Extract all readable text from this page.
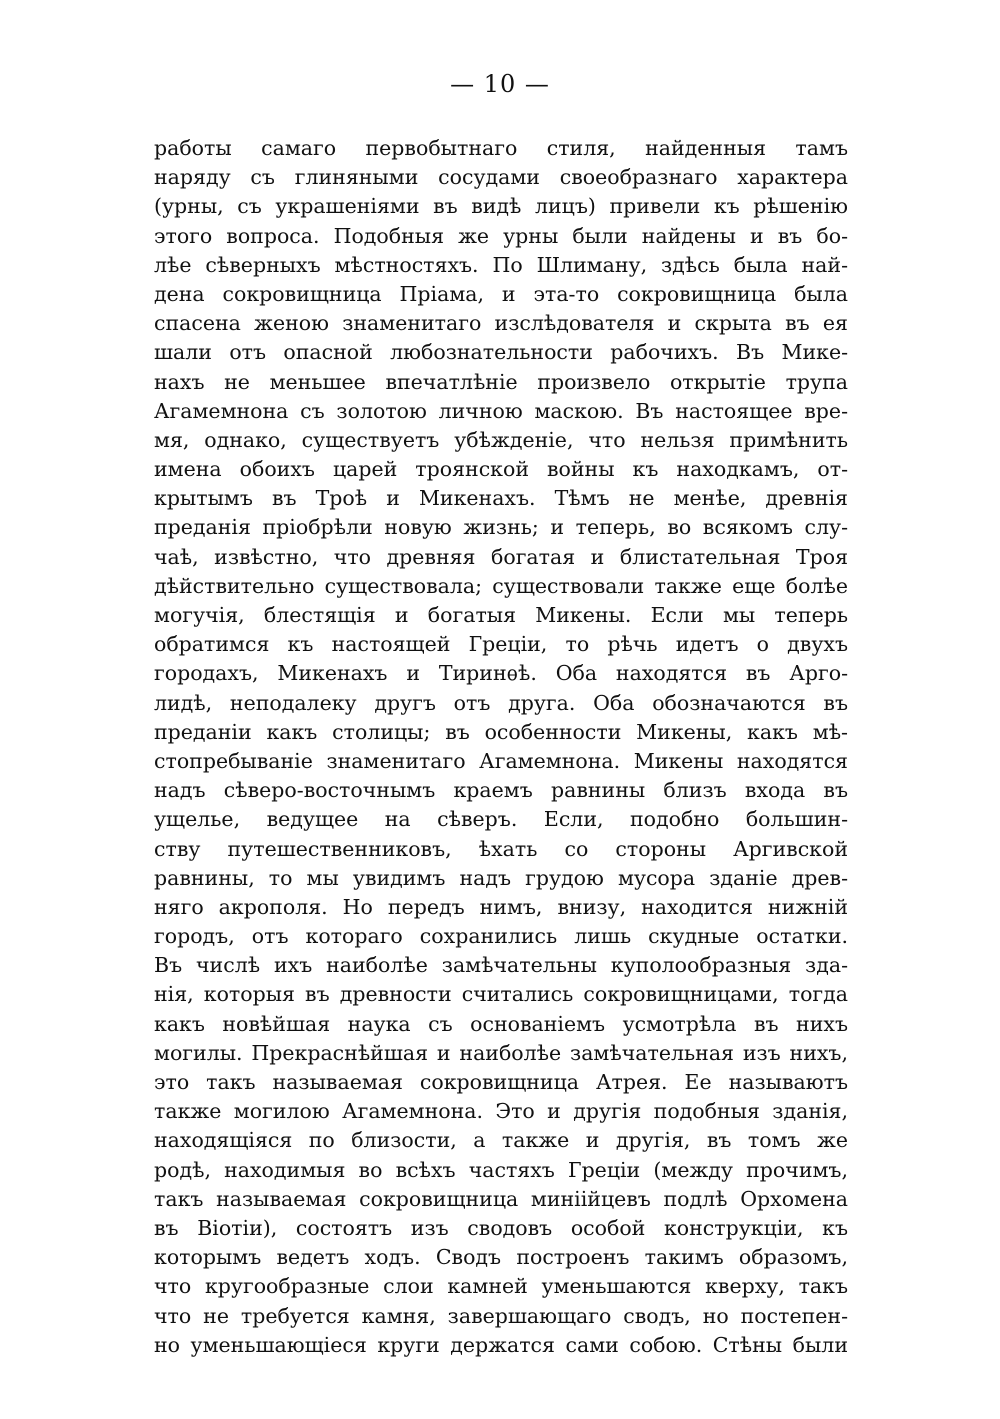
— 10 —
работы самаго первобытнаго стиля, найденныя тамъ
наряду съ глиняными сосудами своеобразнаго характера
(урны, съ украшеніями въ видѣ лицъ) привели къ рѣшенію
этого вопроса. Подобныя же урны были найдены и въ бо-
лѣе сѣверныхъ мѣстностяхъ. По Шлиману, здѣсь была най-
дена сокровищница Пріама, и эта-то сокровищница была
спасена женою знаменитаго изслѣдователя и скрыта въ ея
шали отъ опасной любознательности рабочихъ. Въ Мике-
нахъ не меньшее впечатлѣніе произвело открытіе трупа
Агамемнона съ золотою личною маскою. Въ настоящее вре-
мя, однако, существуетъ убѣжденіе, что нельзя примѣнить
имена обоихъ царей троянской войны къ находкамъ, от-
крытымъ въ Троѣ и Микенахъ. Тѣмъ не менѣе, древнія
преданія пріобрѣли новую жизнь; и теперь, во всякомъ слу-
чаѣ, извѣстно, что древняя богатая и блистательная Троя
дѣйствительно существовала; существовали также еще болѣе
могучія, блестящія и богатыя Микены. Если мы теперь
обратимся къ настоящей Греціи, то рѣчь идетъ о двухъ
городахъ, Микенахъ и Тиринѳѣ. Оба находятся въ Арго-
лидѣ, неподалеку другъ отъ друга. Оба обозначаются въ
преданіи какъ столицы; въ особенности Микены, какъ мѣ-
стопребываніе знаменитаго Агамемнона. Микены находятся
надъ сѣверо-восточнымъ краемъ равнины близъ входа въ
ущелье, ведущее на сѣверъ. Если, подобно большин-
ству путешественниковъ, ѣхать со стороны Аргивской
равнины, то мы увидимъ надъ грудою мусора зданіе древ-
няго акрополя. Но передъ нимъ, внизу, находится нижній
городъ, отъ котораго сохранились лишь скудные остатки.
Въ числѣ ихъ наиболѣе замѣчательны куполообразныя зда-
нія, которыя въ древности считались сокровищницами, тогда
какъ новѣйшая наука съ основаніемъ усмотрѣла въ нихъ
могилы. Прекраснѣйшая и наиболѣе замѣчательная изъ нихъ,
это такъ называемая сокровищница Атрея. Ее называютъ
также могилою Агамемнона. Это и другія подобныя зданія,
находящіяся по близости, а также и другія, въ томъ же
родѣ, находимыя во всѣхъ частяхъ Греціи (между прочимъ,
такъ называемая сокровищница миніійцевъ подлѣ Орхомена
въ Віотіи), состоятъ изъ сводовъ особой конструкціи, къ
которымъ ведетъ ходъ. Сводъ построенъ такимъ образомъ,
что кругообразные слои камней уменьшаются кверху, такъ
что не требуется камня, завершающаго сводъ, но постепен-
но уменьшающіеся круги держатся сами собою. Стѣны были
